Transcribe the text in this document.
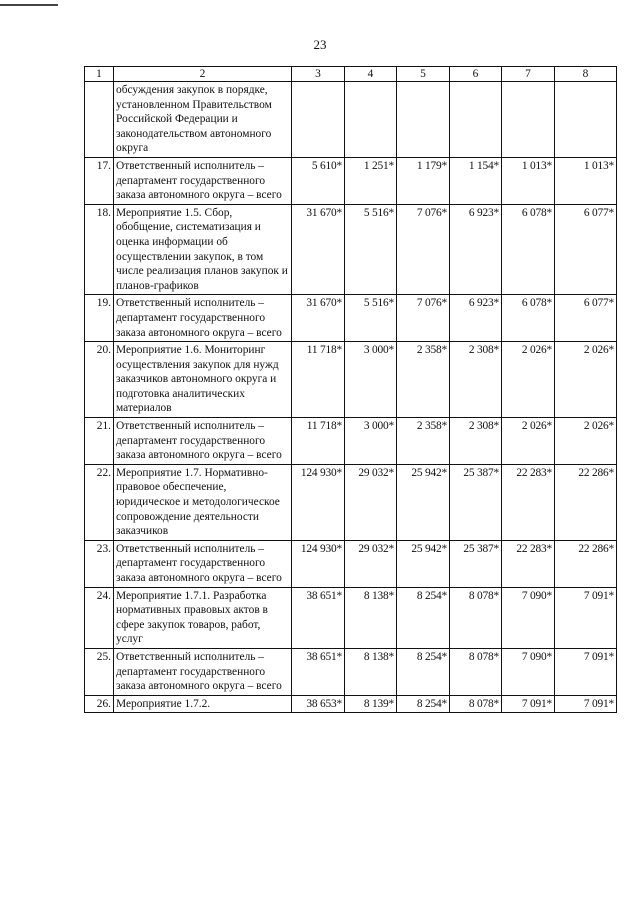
23
1	2	3	4	5	6	7	8
	обсуждения закупок в порядке, установленном Правительством Российской Федерации и законодательством автономного округа						
17.	Ответственный исполнитель – департамент государственного заказа автономного округа – всего	5 610*	1 251*	1 179*	1 154*	1 013*	1 013*
18.	Мероприятие 1.5. Сбор, обобщение, систематизация и оценка информации об осуществлении закупок, в том числе реализация планов закупок и планов-графиков	31 670*	5 516*	7 076*	6 923*	6 078*	6 077*
19.	Ответственный исполнитель – департамент государственного заказа автономного округа – всего	31 670*	5 516*	7 076*	6 923*	6 078*	6 077*
20.	Мероприятие 1.6. Мониторинг осуществления закупок для нужд заказчиков автономного округа и подготовка аналитических материалов	11 718*	3 000*	2 358*	2 308*	2 026*	2 026*
21.	Ответственный исполнитель – департамент государственного заказа автономного округа – всего	11 718*	3 000*	2 358*	2 308*	2 026*	2 026*
22.	Мероприятие 1.7. Нормативно-правовое обеспечение, юридическое и методологическое сопровождение деятельности заказчиков	124 930*	29 032*	25 942*	25 387*	22 283*	22 286*
23.	Ответственный исполнитель – департамент государственного заказа автономного округа – всего	124 930*	29 032*	25 942*	25 387*	22 283*	22 286*
24.	Мероприятие 1.7.1. Разработка нормативных правовых актов в сфере закупок товаров, работ, услуг	38 651*	8 138*	8 254*	8 078*	7 090*	7 091*
25.	Ответственный исполнитель – департамент государственного заказа автономного округа – всего	38 651*	8 138*	8 254*	8 078*	7 090*	7 091*
26.	Мероприятие 1.7.2.	38 653*	8 139*	8 254*	8 078*	7 091*	7 091*
